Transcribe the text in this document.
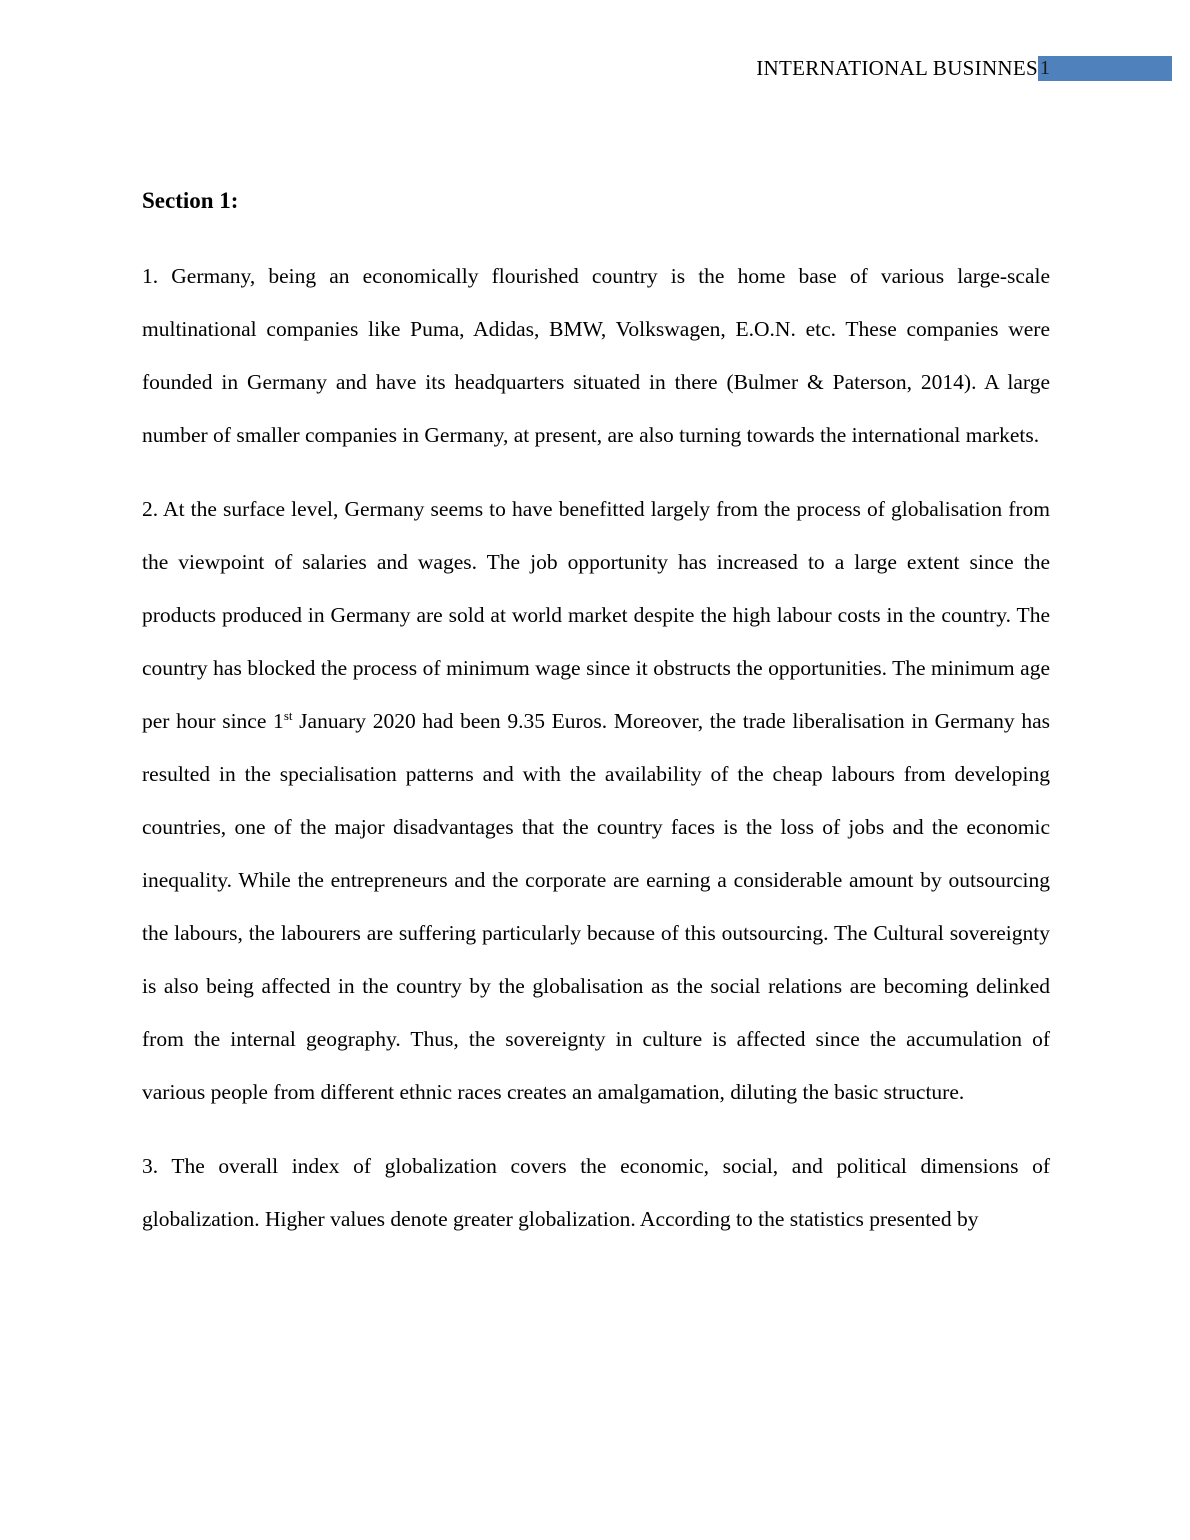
INTERNATIONAL BUSINNES 1
Section 1:

1. Germany, being an economically flourished country is the home base of various large-scale multinational companies like Puma, Adidas, BMW, Volkswagen, E.O.N. etc. These companies were founded in Germany and have its headquarters situated in there (Bulmer & Paterson, 2014). A large number of smaller companies in Germany, at present, are also turning towards the international markets.

2. At the surface level, Germany seems to have benefitted largely from the process of globalisation from the viewpoint of salaries and wages. The job opportunity has increased to a large extent since the products produced in Germany are sold at world market despite the high labour costs in the country. The country has blocked the process of minimum wage since it obstructs the opportunities. The minimum age per hour since 1st January 2020 had been 9.35 Euros. Moreover, the trade liberalisation in Germany has resulted in the specialisation patterns and with the availability of the cheap labours from developing countries, one of the major disadvantages that the country faces is the loss of jobs and the economic inequality. While the entrepreneurs and the corporate are earning a considerable amount by outsourcing the labours, the labourers are suffering particularly because of this outsourcing. The Cultural sovereignty is also being affected in the country by the globalisation as the social relations are becoming delinked from the internal geography. Thus, the sovereignty in culture is affected since the accumulation of various people from different ethnic races creates an amalgamation, diluting the basic structure.

3. The overall index of globalization covers the economic, social, and political dimensions of globalization. Higher values denote greater globalization. According to the statistics presented by
